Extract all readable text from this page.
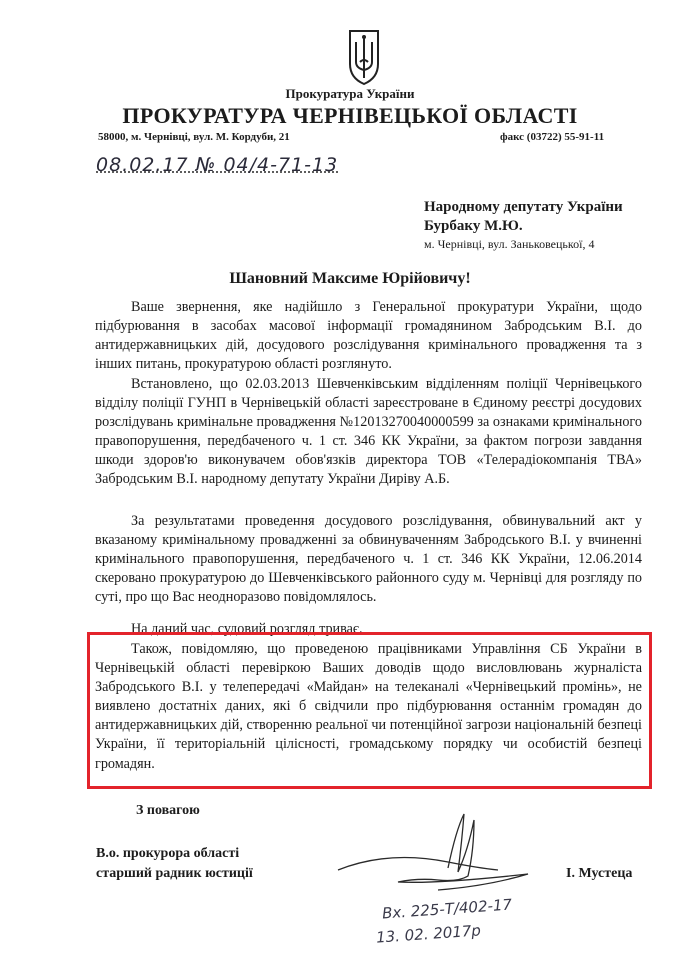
Прокуратура України
ПРОКУРАТУРА ЧЕРНІВЕЦЬКОЇ ОБЛАСТІ
58000, м. Чернівці, вул. М. Кордуби, 21	факс (03722) 55-91-11
08.02.17 № 04/4-71-13
Народному депутату України
Бурбаку М.Ю.
м. Чернівці, вул. Заньковецької, 4
Шановний Максиме Юрійовичу!

Ваше звернення, яке надійшло з Генеральної прокуратури України, щодо підбурювання в засобах масової інформації громадянином Забродським В.І. до антидержавницьких дій, досудового розслідування кримінального провадження та з інших питань, прокуратурою області розглянуто.

Встановлено, що 02.03.2013 Шевченківським відділенням поліції Чернівецького відділу поліції ГУНП в Чернівецькій області зареєстроване в Єдиному реєстрі досудових розслідувань кримінальне провадження №12013270040000599 за ознаками кримінального правопорушення, передбаченого ч. 1 ст. 346 КК України, за фактом погрози завдання шкоди здоров'ю виконувачем обов'язків директора ТОВ «Телерадіокомпанія ТВА» Забродським В.І. народному депутату України Диріву А.Б.

За результатами проведення досудового розслідування, обвинувальний акт у вказаному кримінальному провадженні за обвинуваченням Забродського В.І. у вчиненні кримінального правопорушення, передбаченого ч. 1 ст. 346 КК України, 12.06.2014 скеровано прокуратурою до Шевченківського районного суду м. Чернівці для розгляду по суті, про що Вас неодноразово повідомлялось.

На даний час, судовий розгляд триває.

Також, повідомляю, що проведеною працівниками Управління СБ України в Чернівецькій області перевіркою Ваших доводів щодо висловлювань журналіста Забродського В.І. у телепередачі «Майдан» на телеканалі «Чернівецький промінь», не виявлено достатніх даних, які б свідчили про підбурювання останнім громадян до антидержавницьких дій, створенню реальної чи потенційної загрози національній безпеці України, її територіальній цілісності, громадському порядку чи особистій безпеці громадян.

З повагою
В.о. прокурора області
старший радник юстиції	І. Мустеца
Вх. 225-Т/402-17
13. 02. 2017р
